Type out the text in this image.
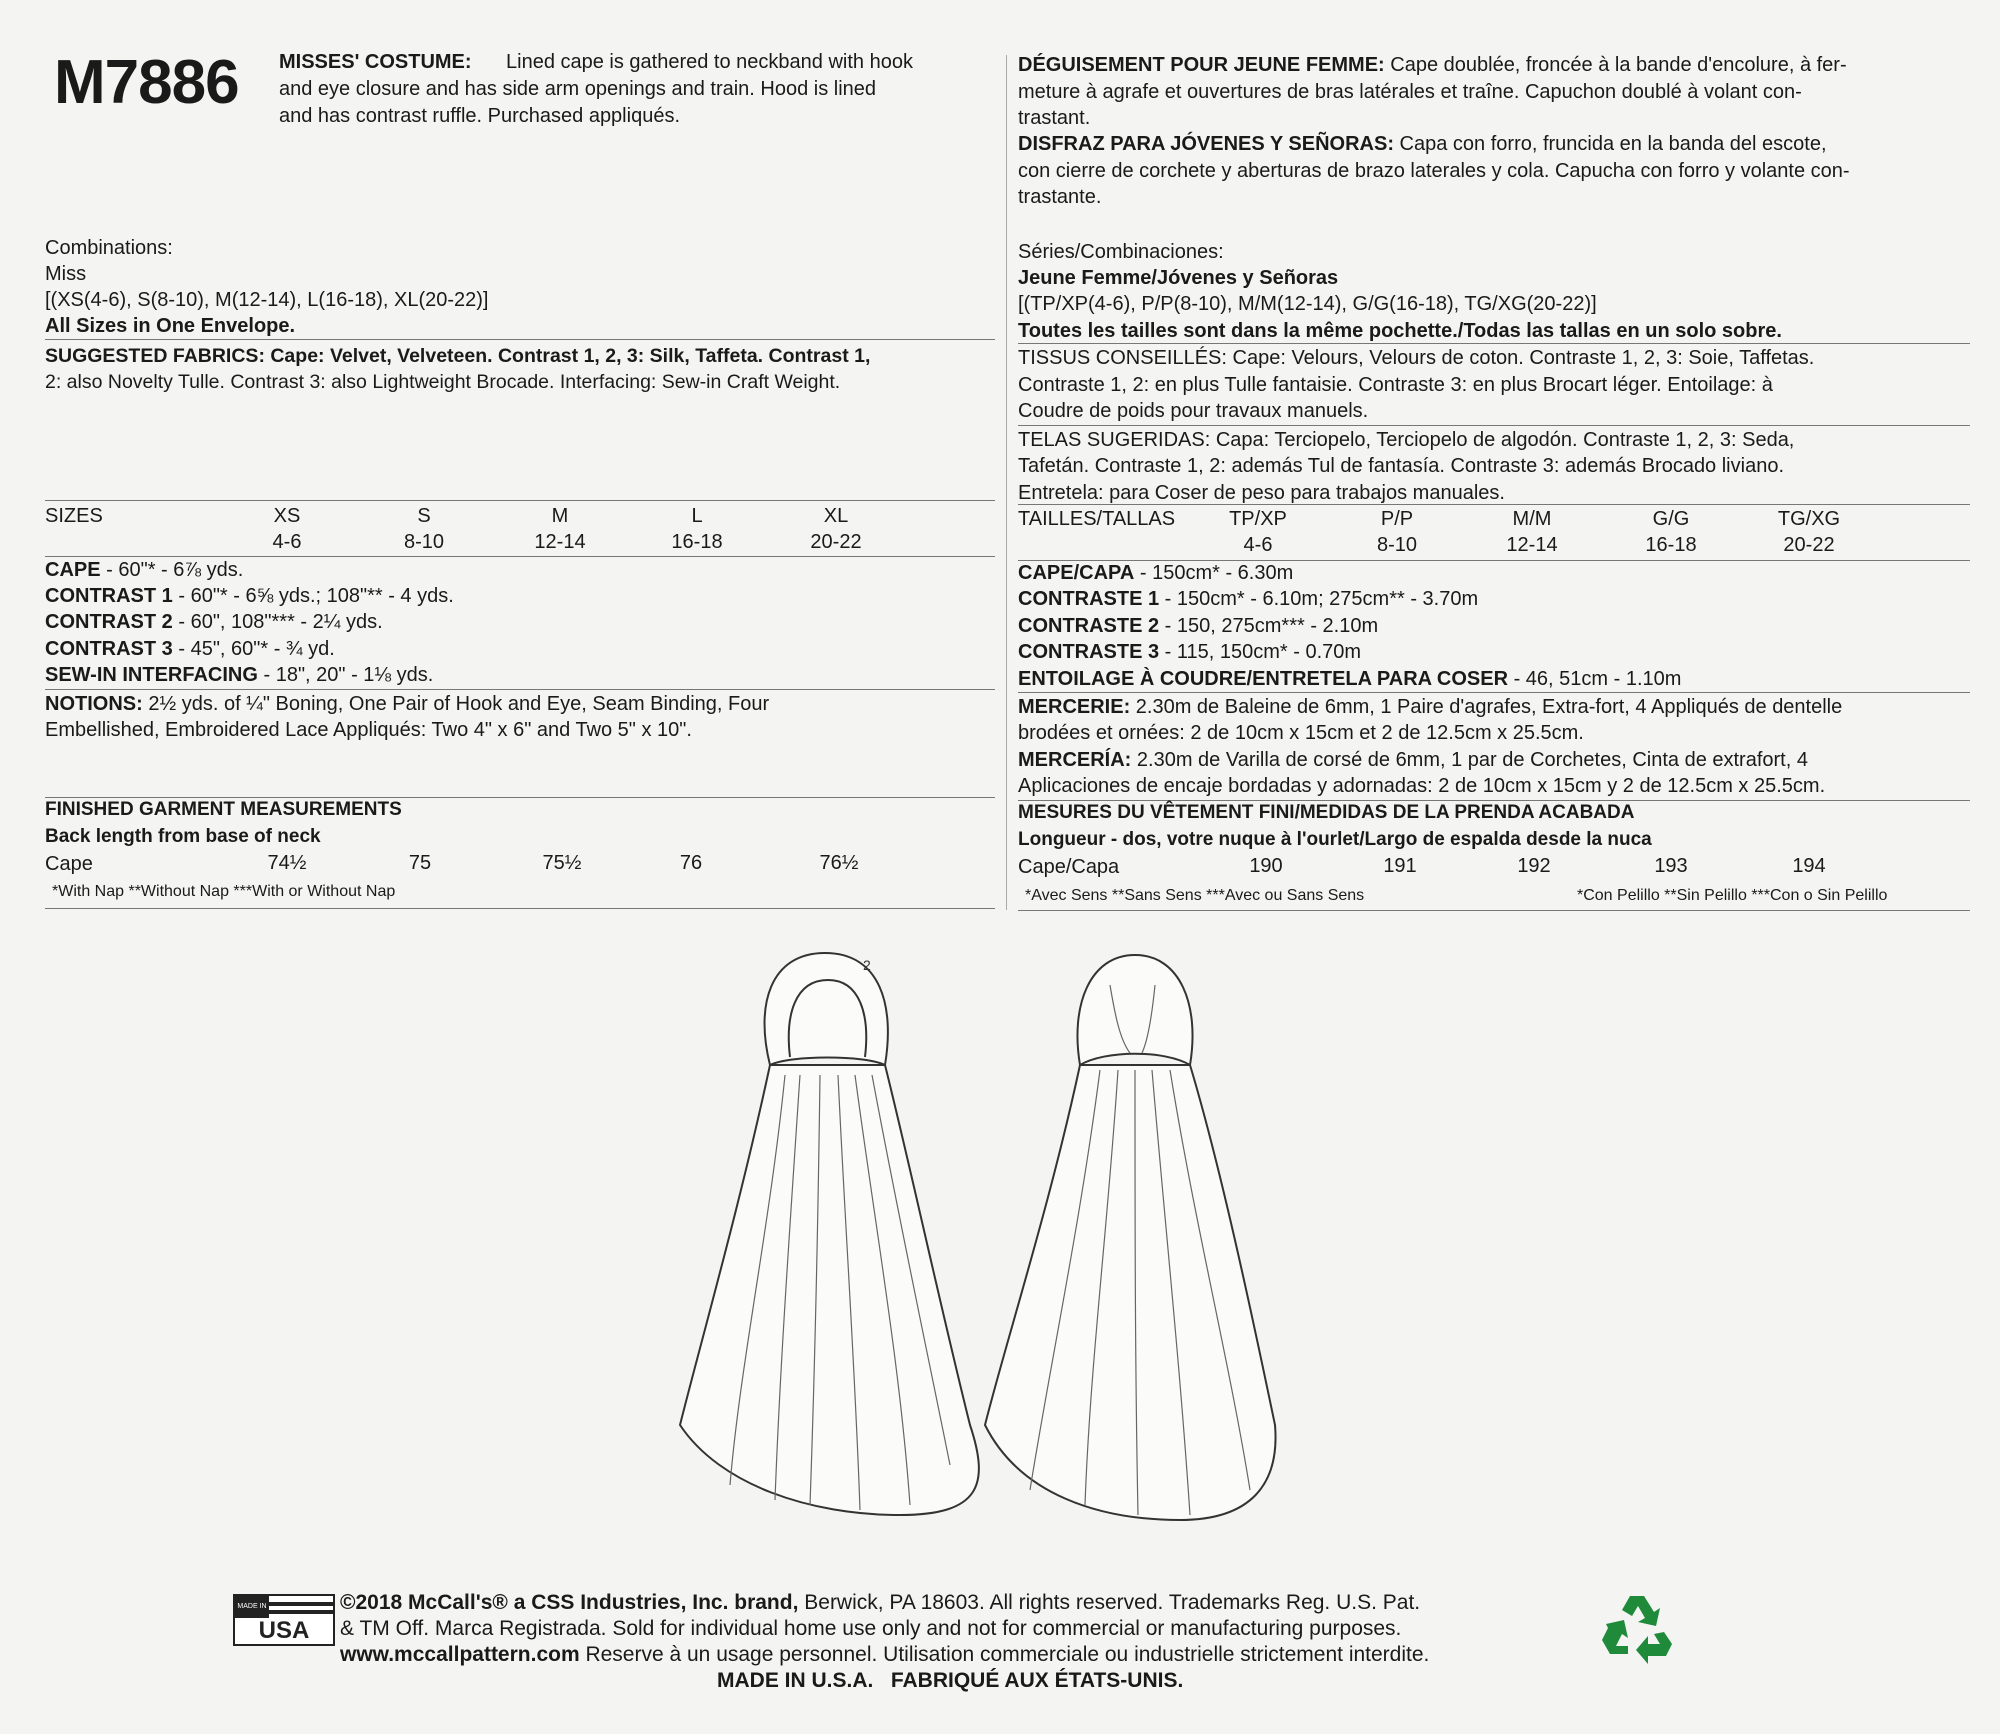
M7886 MISSES' COSTUME: Lined cape is gathered to neckband with hook
and eye closure and has side arm openings and train. Hood is lined
and has contrast ruffle. Purchased appliqués.
Combinations:
Miss
[(XS(4-6), S(8-10), M(12-14), L(16-18), XL(20-22)]
All Sizes in One Envelope.
SUGGESTED FABRICS: Cape: Velvet, Velveteen. Contrast 1, 2, 3: Silk, Taffeta. Contrast 1,
2: also Novelty Tulle. Contrast 3: also Lightweight Brocade. Interfacing: Sew-in Craft Weight.
SIZES	XS	S	M	L	XL
4-6	8-10	12-14	16-18	20-22
CAPE - 60"* - 6⅞ yds.
CONTRAST 1 - 60"* - 6⅝ yds.; 108"** - 4 yds.
CONTRAST 2 - 60", 108"*** - 2¼ yds.
CONTRAST 3 - 45", 60"* - ¾ yd.
SEW-IN INTERFACING - 18", 20" - 1⅛ yds.
NOTIONS: 2½ yds. of ¼" Boning, One Pair of Hook and Eye, Seam Binding, Four
Embellished, Embroidered Lace Appliqués: Two 4" x 6" and Two 5" x 10".
FINISHED GARMENT MEASUREMENTS
Back length from base of neck
Cape	74½	75	75½	76	76½
*With Nap **Without Nap ***With or Without Nap
DÉGUISEMENT POUR JEUNE FEMME: Cape doublée, froncée à la bande d'encolure, à fer-
meture à agrafe et ouvertures de bras latérales et traîne. Capuchon doublé à volant con-
trastant.
DISFRAZ PARA JÓVENES Y SEÑORAS: Capa con forro, fruncida en la banda del escote,
con cierre de corchete y aberturas de brazo laterales y cola. Capucha con forro y volante con-
trastante.
Séries/Combinaciones:
Jeune Femme/Jóvenes y Señoras
[(TP/XP(4-6), P/P(8-10), M/M(12-14), G/G(16-18), TG/XG(20-22)]
Toutes les tailles sont dans la même pochette./Todas las tallas en un solo sobre.
TISSUS CONSEILLÉS: Cape: Velours, Velours de coton. Contraste 1, 2, 3: Soie, Taffetas.
Contraste 1, 2: en plus Tulle fantaisie. Contraste 3: en plus Brocart léger. Entoilage: à
Coudre de poids pour travaux manuels.
TELAS SUGERIDAS: Capa: Terciopelo, Terciopelo de algodón. Contraste 1, 2, 3: Seda,
Tafetán. Contraste 1, 2: además Tul de fantasía. Contraste 3: además Brocado liviano.
Entretela: para Coser de peso para trabajos manuales.
TAILLES/TALLAS	TP/XP	P/P	M/M	G/G	TG/XG
4-6	8-10	12-14	16-18	20-22
CAPE/CAPA - 150cm* - 6.30m
CONTRASTE 1 - 150cm* - 6.10m; 275cm** - 3.70m
CONTRASTE 2 - 150, 275cm*** - 2.10m
CONTRASTE 3 - 115, 150cm* - 0.70m
ENTOILAGE À COUDRE/ENTRETELA PARA COSER - 46, 51cm - 1.10m
MERCERIE: 2.30m de Baleine de 6mm, 1 Paire d'agrafes, Extra-fort, 4 Appliqués de dentelle
brodées et ornées: 2 de 10cm x 15cm et 2 de 12.5cm x 25.5cm.
MERCERÍA: 2.30m de Varilla de corsé de 6mm, 1 par de Corchetes, Cinta de extrafort, 4
Aplicaciones de encaje bordadas y adornadas: 2 de 10cm x 15cm y 2 de 12.5cm x 25.5cm.
MESURES DU VÊTEMENT FINI/MEDIDAS DE LA PRENDA ACABADA
Longueur - dos, votre nuque à l'ourlet/Largo de espalda desde la nuca
Cape/Capa	190	191	192	193	194
*Avec Sens **Sans Sens ***Avec ou Sans Sens	*Con Pelillo **Sin Pelillo ***Con o Sin Pelillo
2
MADE IN
USA
©2018 McCall's® a CSS Industries, Inc. brand, Berwick, PA 18603. All rights reserved. Trademarks Reg. U.S. Pat.
& TM Off. Marca Registrada. Sold for individual home use only and not for commercial or manufacturing purposes.
www.mccallpattern.com Reserve à un usage personnel. Utilisation commerciale ou industrielle strictement interdite.
MADE IN U.S.A.   FABRIQUÉ AUX ÉTATS-UNIS.
